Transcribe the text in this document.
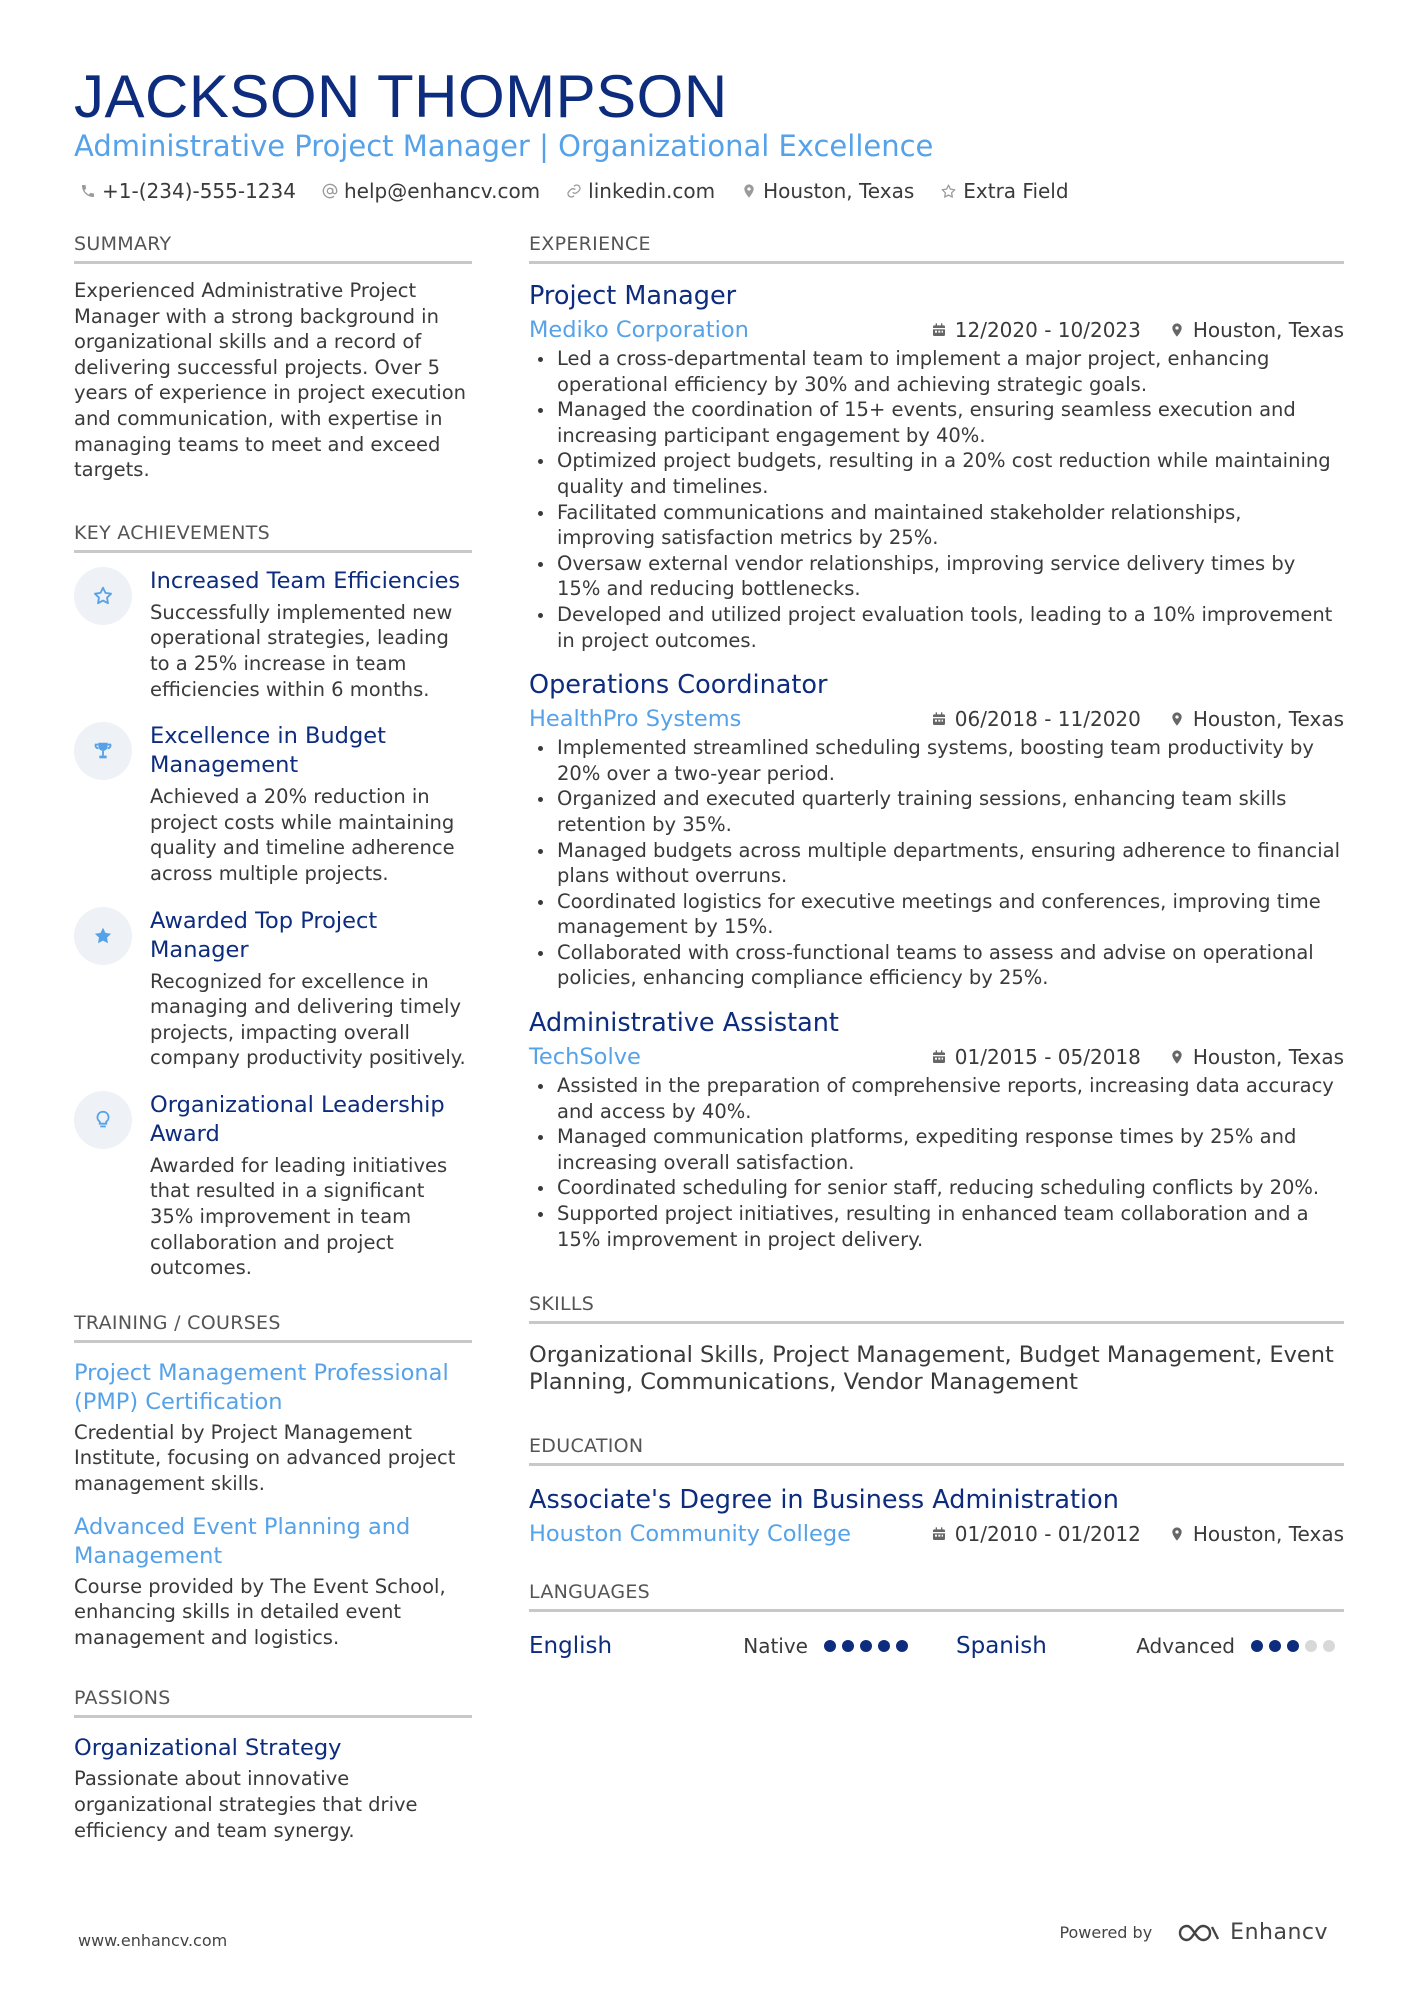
JACKSON THOMPSON
Administrative Project Manager | Organizational Excellence
+1-(234)-555-1234 help@enhancv.com linkedin.com Houston, Texas Extra Field
SUMMARY
Experienced Administrative Project Manager with a strong background in organizational skills and a record of delivering successful projects. Over 5 years of experience in project execution and communication, with expertise in managing teams to meet and exceed targets.
KEY ACHIEVEMENTS
Increased Team Efficiencies
Successfully implemented new operational strategies, leading to a 25% increase in team efficiencies within 6 months.
Excellence in Budget Management
Achieved a 20% reduction in project costs while maintaining quality and timeline adherence across multiple projects.
Awarded Top Project Manager
Recognized for excellence in managing and delivering timely projects, impacting overall company productivity positively.
Organizational Leadership Award
Awarded for leading initiatives that resulted in a significant 35% improvement in team collaboration and project outcomes.
TRAINING / COURSES
Project Management Professional (PMP) Certification
Credential by Project Management Institute, focusing on advanced project management skills.
Advanced Event Planning and Management
Course provided by The Event School, enhancing skills in detailed event management and logistics.
PASSIONS
Organizational Strategy
Passionate about innovative organizational strategies that drive efficiency and team synergy.
EXPERIENCE
Project Manager
Mediko Corporation	12/2020 - 10/2023	Houston, Texas
Led a cross-departmental team to implement a major project, enhancing operational efficiency by 30% and achieving strategic goals.
Managed the coordination of 15+ events, ensuring seamless execution and increasing participant engagement by 40%.
Optimized project budgets, resulting in a 20% cost reduction while maintaining quality and timelines.
Facilitated communications and maintained stakeholder relationships, improving satisfaction metrics by 25%.
Oversaw external vendor relationships, improving service delivery times by 15% and reducing bottlenecks.
Developed and utilized project evaluation tools, leading to a 10% improvement in project outcomes.
Operations Coordinator
HealthPro Systems	06/2018 - 11/2020	Houston, Texas
Implemented streamlined scheduling systems, boosting team productivity by 20% over a two-year period.
Organized and executed quarterly training sessions, enhancing team skills retention by 35%.
Managed budgets across multiple departments, ensuring adherence to financial plans without overruns.
Coordinated logistics for executive meetings and conferences, improving time management by 15%.
Collaborated with cross-functional teams to assess and advise on operational policies, enhancing compliance efficiency by 25%.
Administrative Assistant
TechSolve	01/2015 - 05/2018	Houston, Texas
Assisted in the preparation of comprehensive reports, increasing data accuracy and access by 40%.
Managed communication platforms, expediting response times by 25% and increasing overall satisfaction.
Coordinated scheduling for senior staff, reducing scheduling conflicts by 20%.
Supported project initiatives, resulting in enhanced team collaboration and a 15% improvement in project delivery.
SKILLS
Organizational Skills, Project Management, Budget Management, Event Planning, Communications, Vendor Management
EDUCATION
Associate's Degree in Business Administration
Houston Community College	01/2010 - 01/2012	Houston, Texas
LANGUAGES
English	Native	Spanish	Advanced
www.enhancv.com	Powered by	Enhancv
